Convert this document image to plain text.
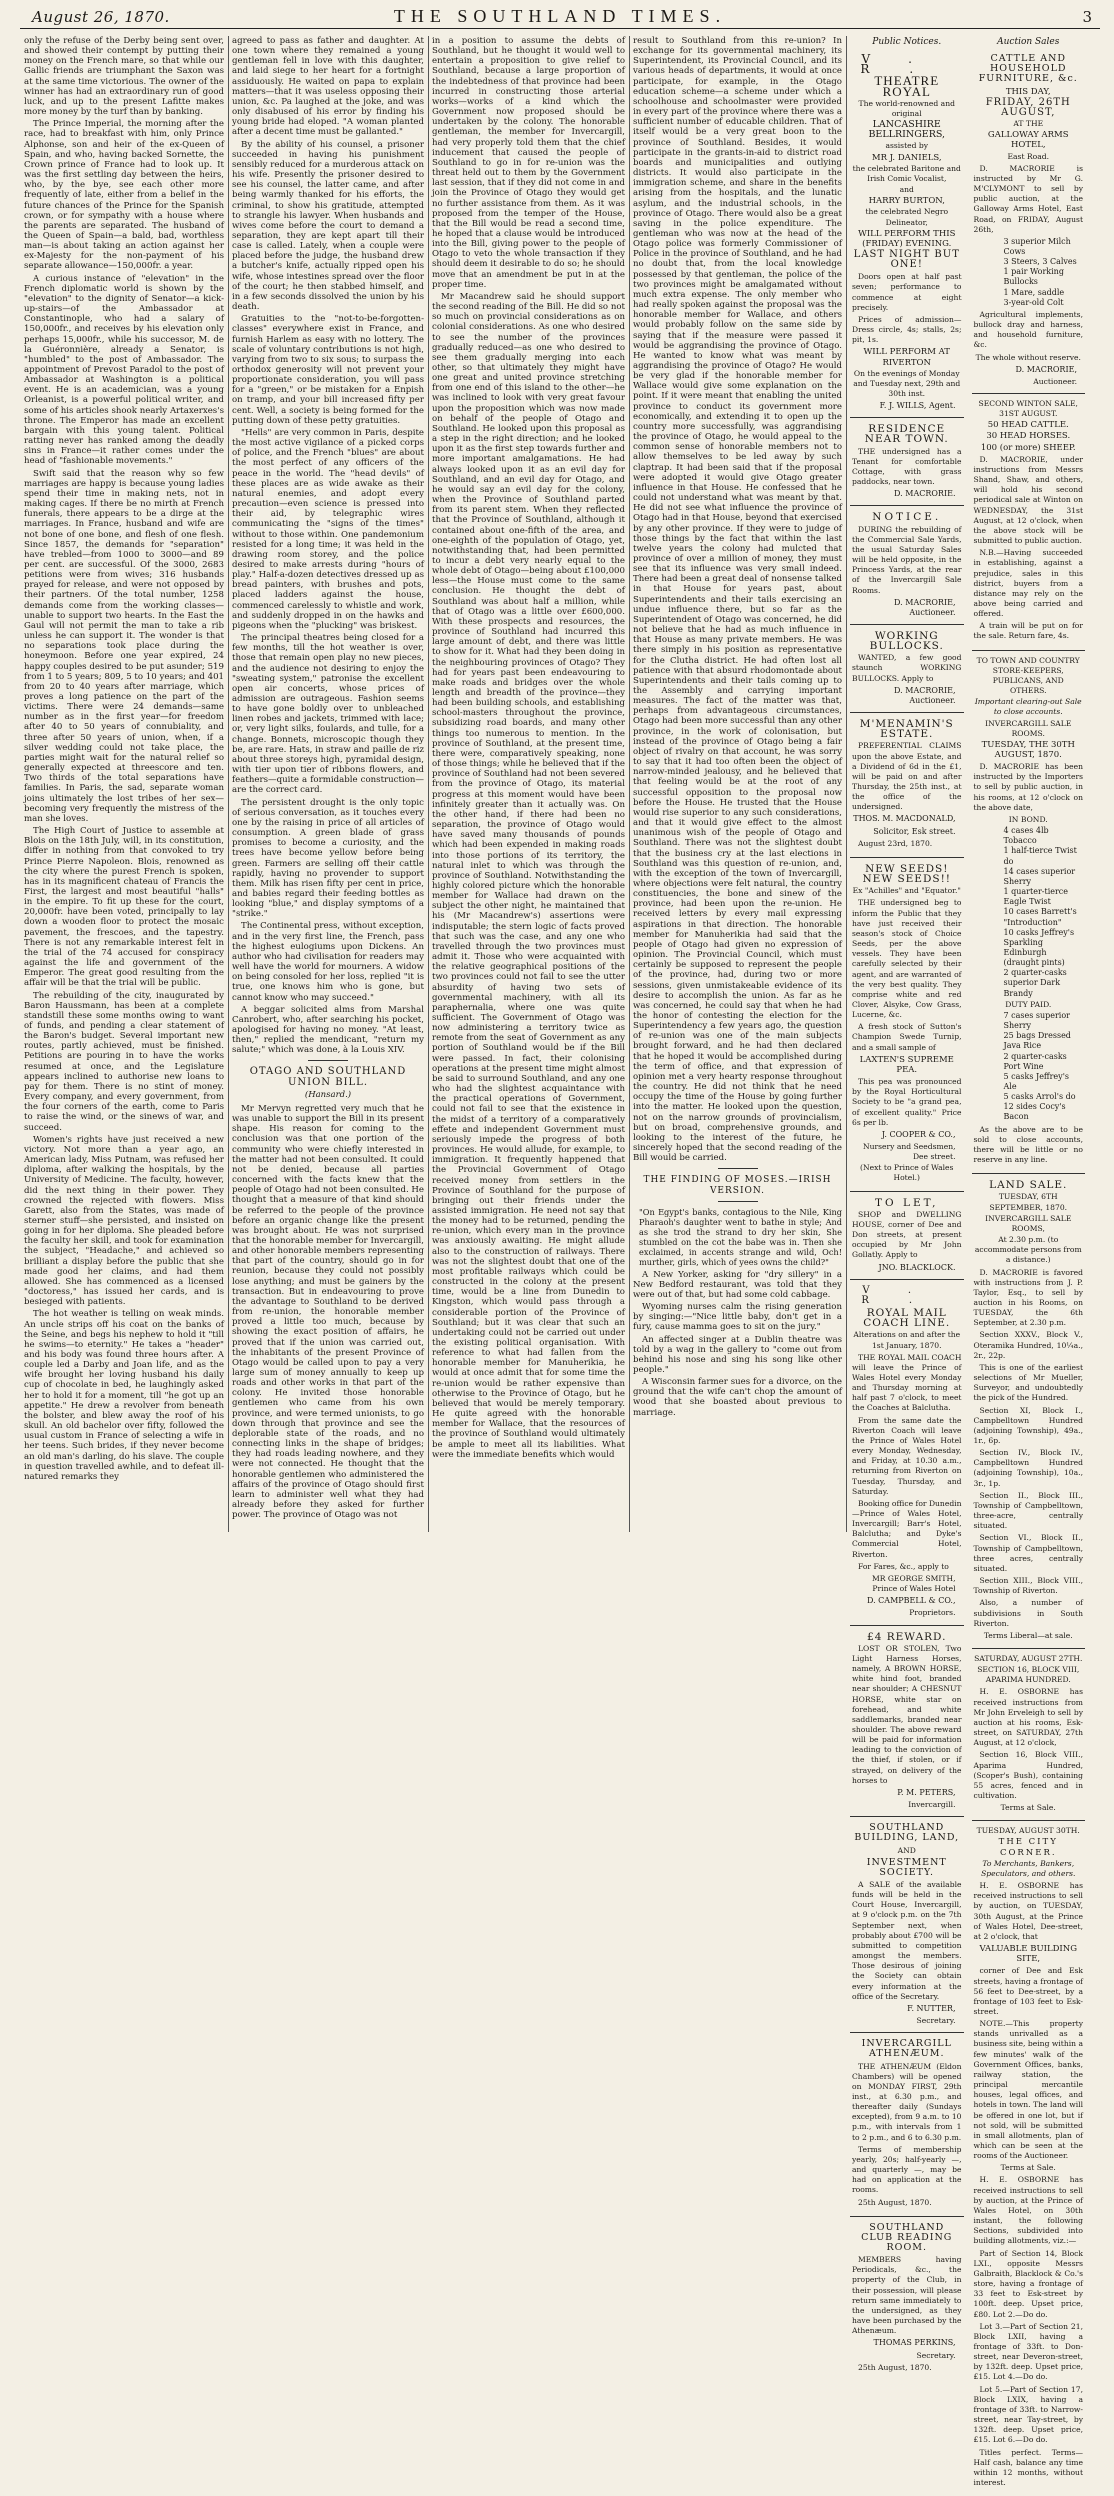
August 26, 1870.	THE SOUTHLAND TIMES.	3

only the refuse of the Derby being sent over, and showed their contempt by putting their money on the French mare, so that while our Gallic friends are triumphant the Saxon was at the same time victorious. The owner of the winner has had an extraordinary run of good luck, and up to the present Lafitte makes more money by the turf than by banking.

The Prince Imperial, the morning after the race, had to breakfast with him, only Prince Alphonse, son and heir of the ex-Queen of Spain, and who, having backed Sornette, the Crown prince of France had to look up. It was the first settling day between the heirs, who, by the bye, see each other more frequently of late, either from a belief in the future chances of the Prince for the Spanish crown, or for sympathy with a house where the parents are separated. The husband of the Queen of Spain—a bald, bad, worthless man—is about taking an action against her ex-Majesty for the non-payment of his separate allowance—150,000fr. a year.

A curious instance of "elevation" in the French diplomatic world is shown by the "elevation" to the dignity of Senator—a kick-up-stairs—of the Ambassador at Constantinople, who had a salary of 150,000fr., and receives by his elevation only perhaps 15,000fr., while his successor, M. de la Guéronnière, already a Senator, is "humbled" to the post of Ambassador. The appointment of Prevost Paradol to the post of Ambassador at Washington is a political event. He is an academician, was a young Orleanist, is a powerful political writer, and some of his articles shook nearly Artaxerxes's throne. The Emperor has made an excellent bargain with this young talent. Political ratting never has ranked among the deadly sins in France—it rather comes under the head of "fashionable movements."

Swift said that the reason why so few marriages are happy is because young ladies spend their time in making nets, not in making cages. If there be no mirth at French funerals, there appears to be a dirge at the marriages. In France, husband and wife are not bone of one bone, and flesh of one flesh. Since 1857, the demands for "separation" have trebled—from 1000 to 3000—and 89 per cent. are successful. Of the 3000, 2683 petitions were from wives; 316 husbands prayed for release, and were not opposed by their partners. Of the total number, 1258 demands come from the working classes—unable to support two hearts. In the East the Gaul will not permit the man to take a rib unless he can support it. The wonder is that no separations took place during the honeymoon. Before one year expired, 24 happy couples desired to be put asunder; 519 from 1 to 5 years; 809, 5 to 10 years; and 401 from 20 to 40 years after marriage, which proves a long patience on the part of the victims. There were 24 demands—same number as in the first year—for freedom after 40 to 50 years of connubiality, and three after 50 years of union, when, if a silver wedding could not take place, the parties might wait for the natural relief so generally expected at threescore and ten. Two thirds of the total separations have families. In Paris, the sad, separate woman joins ultimately the lost tribes of her sex—becoming very frequently the mistress of the man she loves.

The High Court of Justice to assemble at Blois on the 18th July, will, in its constitution, differ in nothing from that convoked to try Prince Pierre Napoleon. Blois, renowned as the city where the purest French is spoken, has in its magnificent chateau of Francis the First, the largest and most beautiful "halls" in the empire. To fit up these for the court, 20,000fr. have been voted, principally to lay down a wooden floor to protect the mosaic pavement, the frescoes, and the tapestry. There is not any remarkable interest felt in the trial of the 74 accused for conspiracy against the life and government of the Emperor. The great good resulting from the affair will be that the trial will be public.

The rebuilding of the city, inaugurated by Baron Haussmann, has been at a complete standstill these some months owing to want of funds, and pending a clear statement of the Baron's budget. Several important new routes, partly achieved, must be finished. Petitions are pouring in to have the works resumed at once, and the Legislature appears inclined to authorise new loans to pay for them. There is no stint of money. Every company, and every government, from the four corners of the earth, come to Paris to raise the wind, or the sinews of war, and succeed.

Women's rights have just received a new victory. Not more than a year ago, an American lady, Miss Putnam, was refused her diploma, after walking the hospitals, by the University of Medicine. The faculty, however, did the next thing in their power. They crowned the rejected with flowers. Miss Garett, also from the States, was made of sterner stuff—she persisted, and insisted on going in for her diploma. She pleaded before the faculty her skill, and took for examination the subject, "Headache," and achieved so brilliant a display before the public that she made good her claims, and had them allowed. She has commenced as a licensed "doctoress," has issued her cards, and is besieged with patients.

The hot weather is telling on weak minds. An uncle strips off his coat on the banks of the Seine, and begs his nephew to hold it "till he swims—to eternity." He takes a "header" and his body was found three hours after. A couple led a Darby and Joan life, and as the wife brought her loving husband his daily cup of chocolate in bed, he laughingly asked her to hold it for a moment, till "he got up an appetite." He drew a revolver from beneath the bolster, and blew away the roof of his skull. An old bachelor over fifty, followed the usual custom in France of selecting a wife in her teens. Such brides, if they never become an old man's darling, do his slave. The couple in question travelled awhile, and to defeat ill-natured remarks they

agreed to pass as father and daughter. At one town where they remained a young gentleman fell in love with this daughter, and laid siege to her heart for a fortnight assiduously. He waited on papa to explain matters—that it was useless opposing their union, &c. Pa laughed at the joke, and was only disabused of his error by finding his young bride had eloped. "A woman planted after a decent time must be gallanted."

By the ability of his counsel, a prisoner succeeded in having his punishment sensibly reduced for a murderous attack on his wife. Presently the prisoner desired to see his counsel, the latter came, and after being warmly thanked for his efforts, the criminal, to show his gratitude, attempted to strangle his lawyer. When husbands and wives come before the court to demand a separation, they are kept apart till their case is called. Lately, when a couple were placed before the judge, the husband drew a butcher's knife, actually ripped open his wife, whose intestines spread over the floor of the court; he then stabbed himself, and in a few seconds dissolved the union by his death.

Gratuities to the "not-to-be-forgotten-classes" everywhere exist in France, and furnish Harlem as easy with no lottery. The scale of voluntary contributions is not high, varying from two to six sous; to surpass the orthodox generosity will not prevent your proportionate consideration, you will pass for a "green," or be mistaken for a Enpish on tramp, and your bill increased fifty per cent. Well, a society is being formed for the putting down of these petty gratuities.

"Hells" are very common in Paris, despite the most active vigilance of a picked corps of police, and the French "blues" are about the most perfect of any officers of the peace in the world. The "head devils" of these places are as wide awake as their natural enemies, and adopt every precaution—even science is pressed into their aid, by telegraphic wires communicating the "signs of the times" without to those within. One pandemonium resisted for a long time; it was held in the drawing room storey, and the police desired to make arrests during "hours of play." Half-a-dozen detectives dressed up as bread painters, with brushes and pots, placed ladders against the house, commenced carelessly to whistle and work, and suddenly dropped in on the hawks and pigeons when the "plucking" was briskest.

The principal theatres being closed for a few months, till the hot weather is over, those that remain open play no new pieces, and the audience not desiring to enjoy the "sweating system," patronise the excellent open air concerts, whose prices of admission are outrageous. Fashion seems to have gone boldly over to unbleached linen robes and jackets, trimmed with lace; or, very light silks, foulards, and tulle, for a change. Bonnets, microscopic though they be, are rare. Hats, in straw and paille de riz about three storeys high, pyramidal design, with tier upon tier of ribbons flowers, and feathers—quite a formidable construction—are the correct card.

The persistent drought is the only topic of serious conversation, as it touches every one by the raising in price of all articles of consumption. A green blade of grass promises to become a curiosity, and the trees have become yellow before being green. Farmers are selling off their cattle rapidly, having no provender to support them. Milk has risen fifty per cent in price, and babies regard their feeding bottles as looking "blue," and display symptoms of a "strike."

The Continental press, without exception, and in the very first line, the French, pass the highest eulogiums upon Dickens. An author who had civilisation for readers may well have the world for mourners. A widow on being consoled for her loss, replied "it is true, one knows him who is gone, but cannot know who may succeed."

A beggar solicited alms from Marshal Canrobert, who, after searching his pocket, apologised for having no money. "At least, then," replied the mendicant, "return my salute;" which was done, à la Louis XIV.

OTAGO AND SOUTHLAND UNION BILL.
(Hansard.)

Mr Mervyn regretted very much that he was unable to support the Bill in its present shape. His reason for coming to the conclusion was that one portion of the community who were chiefly interested in the matter had not been consulted. It could not be denied, because all parties concerned with the facts knew that the people of Otago had not been consulted. He thought that a measure of that kind should be referred to the people of the province before an organic change like the present was brought about. He was not surprised that the honorable member for Invercargill, and other honorable members representing that part of the country, should go in for reunion, because they could not possibly lose anything; and must be gainers by the transaction. But in endeavouring to prove the advantage to Southland to be derived from re-union, the honorable member proved a little too much, because by showing the exact position of affairs, he proved that if the union was carried out, the inhabitants of the present Province of Otago would be called upon to pay a very large sum of money annually to keep up roads and other works in that part of the colony. He invited those honorable gentlemen who came from his own province, and were termed unionists, to go down through that province and see the deplorable state of the roads, and no connecting links in the shape of bridges; they had roads leading nowhere, and they were not connected. He thought that the honorable gentlemen who administered the affairs of the province of Otago should first learn to administer well what they had already before they asked for further power. The province of Otago was not

in a position to assume the debts of Southland, but he thought it would well to entertain a proposition to give relief to Southland, because a large proportion of the indebtedness of that province had been incurred in constructing those arterial works—works of a kind which the Government now proposed should be undertaken by the colony. The honorable gentleman, the member for Invercargill, had very properly told them that the chief inducement that caused the people of Southland to go in for re-union was the threat held out to them by the Government last session, that if they did not come in and join the Province of Otago they would get no further assistance from them. As it was proposed from the temper of the House, that the Bill would be read a second time, he hoped that a clause would be introduced into the Bill, giving power to the people of Otago to veto the whole transaction if they should deem it desirable to do so; he should move that an amendment be put in at the proper time.

Mr Macandrew said he should support the second reading of the Bill. He did so not so much on provincial considerations as on colonial considerations. As one who desired to see the number of the provinces gradually reduced—as one who desired to see them gradually merging into each other, so that ultimately they might have one great and united province stretching from one end of this island to the other—he was inclined to look with very great favour upon the proposition which was now made on behalf of the people of Otago and Southland. He looked upon this proposal as a step in the right direction; and he looked upon it as the first step towards further and more important amalgamations. He had always looked upon it as an evil day for Southland, and an evil day for Otago, and he would say an evil day for the colony, when the Province of Southland parted from its parent stem. When they reflected that the Province of Southland, although it contained about one-fifth of the area, and one-eighth of the population of Otago, yet, notwithstanding that, had been permitted to incur a debt very nearly equal to the whole debt of Otago—being about £100,000 less—the House must come to the same conclusion. He thought the debt of Southland was about half a million, while that of Otago was a little over £600,000. With these prospects and resources, the province of Southland had incurred this large amount of debt, and there was little to show for it. What had they been doing in the neighbouring provinces of Otago? They had for years past been endeavouring to make roads and bridges over the whole length and breadth of the province—they had been building schools, and establishing school-masters throughout the province, subsidizing road boards, and many other things too numerous to mention. In the province of Southland, at the present time, there were, comparatively speaking, none of those things; while he believed that if the province of Southland had not been severed from the province of Otago, its material progress at this moment would have been infinitely greater than it actually was. On the other hand, if there had been no separation, the province of Otago would have saved many thousands of pounds which had been expended in making roads into those portions of its territory, the natural inlet to which was through the province of Southland. Notwithstanding the highly colored picture which the honorable member for Wallace had drawn on the subject the other night, he maintained that his (Mr Macandrew's) assertions were indisputable; the stern logic of facts proved that such was the case, and any one who travelled through the two provinces must admit it. Those who were acquainted with the relative geographical positions of the two provinces could not fail to see the utter absurdity of having two sets of governmental machinery, with all its paraphernalia, where one was quite sufficient. The Government of Otago was now administering a territory twice as remote from the seat of Government as any portion of Southland would be if the Bill were passed. In fact, their colonising operations at the present time might almost be said to surround Southland, and any one who had the slightest acquaintance with the practical operations of Government, could not fail to see that the existence in the midst of a territory of a comparatively effete and independent Government must seriously impede the progress of both provinces. He would allude, for example, to immigration. It frequently happened that the Provincial Government of Otago received money from settlers in the Province of Southland for the purpose of bringing out their friends under the assisted immigration. He need not say that the money had to be returned, pending the re-union, which every man in the province was anxiously awaiting. He might allude also to the construction of railways. There was not the slightest doubt that one of the most profitable railways which could be constructed in the colony at the present time, would be a line from Dunedin to Kingston, which would pass through a considerable portion of the Province of Southland; but it was clear that such an undertaking could not be carried out under the existing political organisation. With reference to what had fallen from the honorable member for Manuherikia, he would at once admit that for some time the re-union would be rather expensive than otherwise to the Province of Otago, but he believed that would be merely temporary. He quite agreed with the honorable member for Wallace, that the resources of the province of Southland would ultimately be ample to meet all its liabilities. What were the immediate benefits which would

result to Southland from this re-union? In exchange for its governmental machinery, its Superintendent, its Provincial Council, and its various heads of departments, it would at once participate, for example, in the Otago education scheme—a scheme under which a schoolhouse and schoolmaster were provided in every part of the province where there was a sufficient number of educable children. That of itself would be a very great boon to the province of Southland. Besides, it would participate in the grants-in-aid to district road boards and municipalities and outlying districts. It would also participate in the immigration scheme, and share in the benefits arising from the hospitals, and the lunatic asylum, and the industrial schools, in the province of Otago. There would also be a great saving in the police expenditure. The gentleman who was now at the head of the Otago police was formerly Commissioner of Police in the province of Southland, and he had no doubt that, from the local knowledge possessed by that gentleman, the police of the two provinces might be amalgamated without much extra expense. The only member who had really spoken against the proposal was the honorable member for Wallace, and others would probably follow on the same side by saying that if the measure were passed it would be aggrandising the province of Otago. He wanted to know what was meant by aggrandising the province of Otago? He would be very glad if the honorable member for Wallace would give some explanation on the point. If it were meant that enabling the united province to conduct its government more economically, and extending it to open up the country more successfully, was aggrandising the province of Otago, he would appeal to the common sense of honorable members not to allow themselves to be led away by such claptrap. It had been said that if the proposal were adopted it would give Otago greater influence in that House. He confessed that he could not understand what was meant by that. He did not see what influence the province of Otago had in that House, beyond that exercised by any other province. If they were to judge of those things by the fact that within the last twelve years the colony had mulcted that province of over a million of money, they must see that its influence was very small indeed. There had been a great deal of nonsense talked in that House for years past, about Superintendents and their tails exercising an undue influence there, but so far as the Superintendent of Otago was concerned, he did not believe that he had as much influence in that House as many private members. He was there simply in his position as representative for the Clutha district. He had often lost all patience with that absurd rhodomontade about Superintendents and their tails coming up to the Assembly and carrying important measures. The fact of the matter was that, perhaps from advantageous circumstances, Otago had been more successful than any other province, in the work of colonisation, but instead of the province of Otago being a fair object of rivalry on that account, he was sorry to say that it had too often been the object of narrow-minded jealousy, and he believed that that feeling would be at the root of any successful opposition to the proposal now before the House. He trusted that the House would rise superior to any such considerations, and that it would give effect to the almost unanimous wish of the people of Otago and Southland. There was not the slightest doubt that the business cry at the last elections in Southland was this question of re-union, and, with the exception of the town of Invercargill, where objections were felt natural, the country constituencies, the bone and sinew of the province, had been upon the re-union. He received letters by every mail expressing aspirations in that direction. The honorable member for Manuherikia had said that the people of Otago had given no expression of opinion. The Provincial Council, which must certainly be supposed to represent the people of the province, had, during two or more sessions, given unmistakeable evidence of its desire to accomplish the union. As far as he was concerned, he could say that when he had the honor of contesting the election for the Superintendency a few years ago, the question of re-union was one of the main subjects brought forward, and he had then declared that he hoped it would be accomplished during the term of office, and that expression of opinion met a very hearty response throughout the country. He did not think that he need occupy the time of the House by going further into the matter. He looked upon the question, not on the narrow grounds of provincialism, but on broad, comprehensive grounds, and looking to the interest of the future, he sincerely hoped that the second reading of the Bill would be carried.

THE FINDING OF MOSES.—IRISH VERSION.

"On Egypt's banks, contagious to the Nile, King Pharaoh's daughter went to bathe in style; And as she trod the strand to dry her skin, She stumbled on the cot the babe was in. Then she exclaimed, in accents strange and wild, Och! murther, girls, which of yees owns the child?"

A New Yorker, asking for "dry sillery" in a New Bedford restaurant, was told that they were out of that, but had some cold cabbage.

Wyoming nurses calm the rising generation by singing:—"Nice little baby, don't get in a fury, cause mamma goes to sit on the jury."

An affected singer at a Dublin theatre was told by a wag in the gallery to "come out from behind his nose and sing his song like other people."

A Wisconsin farmer sues for a divorce, on the ground that the wife can't chop the amount of wood that she boasted about previous to marriage.

Public Notices.
V. R.
THEATRE ROYAL
The world-renowned and original
LANCASHIRE BELLRINGERS,
assisted by
MR J. DANIELS,
the celebrated Baritone and Irish Comic Vocalist,
and
HARRY BURTON,
the celebrated Negro Delineator,
WILL PERFORM THIS (FRIDAY) EVENING.
LAST NIGHT BUT ONE!
Doors open at half past seven; performance to commence at eight precisely.
Prices of admission—Dress circle, 4s; stalls, 2s; pit, 1s.
WILL PERFORM AT RIVERTON
On the evenings of Monday and Tuesday next, 29th and 30th inst.
F. J. WILLS, Agent.
RESIDENCE NEAR TOWN.
THE undersigned has a Tenant for comfortable Cottage, with grass paddocks, near town.
D. MACRORIE.
NOTICE.
DURING the rebuilding of the Commercial Sale Yards, the usual Saturday Sales will be held opposite, in the Princess Yards, at the rear of the Invercargill Sale Rooms.
D. MACRORIE, Auctioneer.
WORKING BULLOCKS.
WANTED, a few good staunch WORKING BULLOCKS. Apply to
D. MACRORIE, Auctioneer.
M'MENAMIN'S ESTATE.
PREFERENTIAL CLAIMS upon the above Estate, and a Dividend of 6d in the £1, will be paid on and after Thursday, the 25th inst., at the office of the undersigned.
THOS. M. MACDONALD,
Solicitor, Esk street.
August 23rd, 1870.
NEW SEEDS! NEW SEEDS!!
Ex "Achilles" and "Equator."
THE undersigned beg to inform the Public that they have just received their season's stock of Choice Seeds, per the above vessels. They have been carefully selected by their agent, and are warranted of the very best quality. They comprise white and red Clover, Alsyke, Cow Grass, Lucerne, &c.
A fresh stock of Sutton's Champion Swede Turnip, and a small sample of
LAXTEN'S SUPREME PEA.
This pea was pronounced by the Royal Horticultural Society to be "a grand pea, of excellent quality." Price 6s per lb.
J. COOPER & CO.,
Nursery and Seedsmen, Dee street.
(Next to Prince of Wales Hotel.)
TO LET,
SHOP and DWELLING HOUSE, corner of Dee and Don streets, at present occupied by Mr John Gollatly. Apply to
JNO. BLACKLOCK.
V. R.
ROYAL MAIL COACH LINE.
Alterations on and after the 1st January, 1870.
THE ROYAL MAIL COACH will leave the Prince of Wales Hotel every Monday and Thursday morning at half past 7 o'clock, to meet the Coaches at Balclutha.
From the same date the Riverton Coach will leave the Prince of Wales Hotel every Monday, Wednesday, and Friday, at 10.30 a.m., returning from Riverton on Tuesday, Thursday, and Saturday.
Booking office for Dunedin—Prince of Wales Hotel, Invercargill; Barr's Hotel, Balclutha; and Dyke's Commercial Hotel, Riverton.
For Fares, &c., apply to
MR GEORGE SMITH, Prince of Wales Hotel
D. CAMPBELL & CO.,
Proprietors.
£4 REWARD.
LOST OR STOLEN, Two Light Harness Horses, namely, A BROWN HORSE, white hind foot, branded near shoulder; A CHESNUT HORSE, white star on forehead, and white saddlemarks, branded near shoulder. The above reward will be paid for information leading to the conviction of the thief, if stolen, or if strayed, on delivery of the horses to
P. M. PETERS,
Invercargill.
SOUTHLAND BUILDING, LAND,
AND
INVESTMENT SOCIETY.
A SALE of the available funds will be held in the Court House, Invercargill, at 9 o'clock p.m. on the 7th September next, when probably about £700 will be submitted to competition amongst the members. Those desirous of joining the Society can obtain every information at the office of the Secretary.
F. NUTTER,
Secretary.
INVERCARGILL ATHENÆUM.
THE ATHENÆUM (Eldon Chambers) will be opened on MONDAY FIRST, 29th inst., at 6.30 p.m., and thereafter daily (Sundays excepted), from 9 a.m. to 10 p.m., with intervals from 1 to 2 p.m., and 6 to 6.30 p.m.
Terms of membership yearly, 20s; half-yearly —, and quarterly —, may be had on application at the rooms.
25th August, 1870.
SOUTHLAND CLUB READING ROOM.
MEMBERS having Periodicals, &c., the property of the Club, in their possession, will please return same immediately to the undersigned, as they have been purchased by the Athenæum.
THOMAS PERKINS,
Secretary.
25th August, 1870.
Auction Sales
CATTLE AND HOUSEHOLD FURNITURE, &c.
THIS DAY,
FRIDAY, 26TH AUGUST,
AT THE
GALLOWAY ARMS HOTEL,
East Road.
D. MACRORIE is instructed by Mr G. M'CLYMONT to sell by public auction, at the Galloway Arms Hotel, East Road, on FRIDAY, August 26th,
3 superior Milch Cows
3 Steers, 3 Calves
1 pair Working Bullocks
1 Mare, saddle
3-year-old Colt
Agricultural implements, bullock dray and harness, and household furniture, &c.
The whole without reserve.
D. MACRORIE,
Auctioneer.
SECOND WINTON SALE, 31ST AUGUST.
50 HEAD CATTLE.
30 HEAD HORSES.
100 (or more) SHEEP.
D. MACRORIE, under instructions from Messrs Shand, Shaw, and others, will hold his second periodical sale at Winton on WEDNESDAY, the 31st August, at 12 o'clock, when the above stock will be submitted to public auction.
N.B.—Having succeeded in establishing, against a prejudice, sales in this district, buyers from a distance may rely on the above being carried and offered.
A train will be put on for the sale. Return fare, 4s.
TO TOWN AND COUNTRY STORE-KEEPERS, PUBLICANS, AND OTHERS.
Important clearing-out Sale to close accounts.
INVERCARGILL SALE ROOMS.
TUESDAY, THE 30TH AUGUST, 1870.
D. MACRORIE has been instructed by the Importers to sell by public auction, in his rooms, at 12 o'clock on the above date,
IN BOND.
4 cases 4lb Tobacco
1 half-tierce Twist do
14 cases superior Sherry
1 quarter-tierce Eagle Twist
10 cases Barrett's "Introduction"
10 casks Jeffrey's Sparkling Edinburgh (draught pints)
2 quarter-casks superior Dark Brandy
DUTY PAID.
7 cases superior Sherry
25 bags Dressed Java Rice
2 quarter-casks Port Wine
5 casks Jeffrey's Ale
5 casks Arrol's do
12 sides Cocy's Bacon
As the above are to be sold to close accounts, there will be little or no reserve in any line.
LAND SALE.
TUESDAY, 6TH SEPTEMBER, 1870.
INVERCARGILL SALE ROOMS,
At 2.30 p.m. (to accommodate persons from a distance.)
D. MACRORIE is favored with instructions from J. P. Taylor, Esq., to sell by auction in his Rooms, on TUESDAY, the 6th September, at 2.30 p.m.
Section XXXV., Block V., Oteramika Hundred, 10¼a., 2r., 22p.
This is one of the earliest selections of Mr Mueller, Surveyor, and undoubtedly the pick of the Hundred.
Section XI, Block I., Campbelltown Hundred (adjoining Township), 49a., 1r., 6p.
Section IV., Block IV., Campbelltown Hundred (adjoining Township), 10a., 3r., 1p.
Section II., Block III., Township of Campbelltown, three-acre, centrally situated.
Section VI., Block II., Township of Campbelltown, three acres, centrally situated.
Section XIII., Block VIII., Township of Riverton.
Also, a number of subdivisions in South Riverton.
Terms Liberal—at sale.
SATURDAY, AUGUST 27TH.
SECTION 16, BLOCK VIII, APARIMA HUNDRED.
H. E. OSBORNE has received instructions from Mr John Erveleigh to sell by auction at his rooms, Esk-street, on SATURDAY, 27th August, at 12 o'clock,
Section 16, Block VIII., Aparima Hundred, (Scoper's Bush), containing 55 acres, fenced and in cultivation.
Terms at Sale.
TUESDAY, AUGUST 30TH.
THE CITY CORNER.
To Merchants, Bankers, Speculators, and others.
H. E. OSBORNE has received instructions to sell by auction, on TUESDAY, 30th August, at the Prince of Wales Hotel, Dee-street, at 2 o'clock, that
VALUABLE BUILDING SITE,
corner of Dee and Esk streets, having a frontage of 56 feet to Dee-street, by a frontage of 103 feet to Esk-street.
NOTE.—This property stands unrivalled as a business site, being within a few minutes' walk of the Government Offices, banks, railway station, the principal mercantile houses, legal offices, and hotels in town. The land will be offered in one lot, but if not sold, will be submitted in small allotments, plan of which can be seen at the rooms of the Auctioneer.
Terms at Sale.
H. E. OSBORNE has received instructions to sell by auction, at the Prince of Wales Hotel, on 30th instant, the following Sections, subdivided into building allotments, viz.:—
Part of Section 14, Block LXI., opposite Messrs Galbraith, Blacklock & Co.'s store, having a frontage of 33 feet to Esk-street by 100ft. deep. Upset price, £80. Lot 2.—Do do.
Lot 3.—Part of Section 21, Block LXII, having a frontage of 33ft. to Don-street, near Deveron-street, by 132ft. deep. Upset price, £15. Lot 4.—Do do.
Lot 5.—Part of Section 17, Block LXIX, having a frontage of 33ft. to Narrow-street, near Tay-street, by 132ft. deep. Upset price, £15. Lot 6.—Do do.
Titles perfect. Terms—Half cash, balance any time within 12 months, without interest.
